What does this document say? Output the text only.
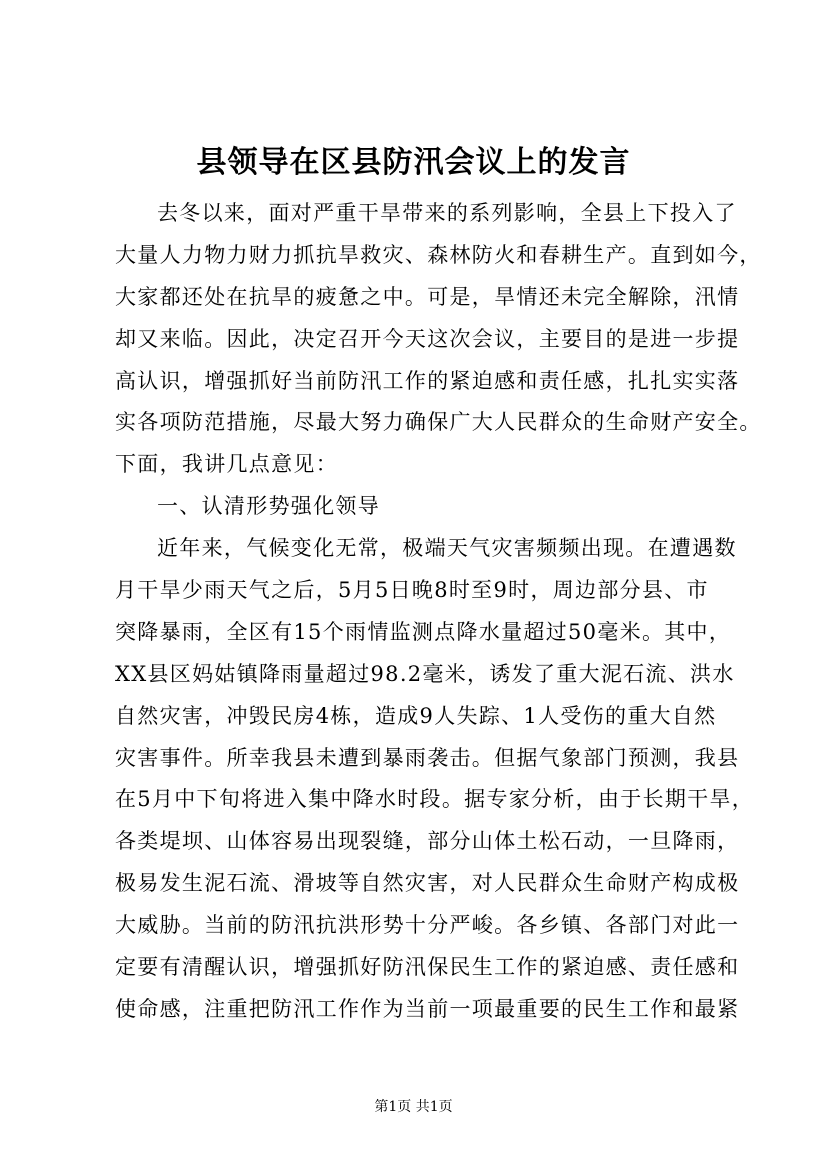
县领导在区县防汛会议上的发言
去冬以来，面对严重干旱带来的系列影响，全县上下投入了
大量人力物力财力抓抗旱救灾、森林防火和春耕生产。直到如今，
大家都还处在抗旱的疲惫之中。可是，旱情还未完全解除，汛情
却又来临。因此，决定召开今天这次会议，主要目的是进一步提
高认识，增强抓好当前防汛工作的紧迫感和责任感，扎扎实实落
实各项防范措施，尽最大努力确保广大人民群众的生命财产安全。
下面，我讲几点意见：
一、认清形势强化领导
近年来，气候变化无常，极端天气灾害频频出现。在遭遇数
月干旱少雨天气之后，5月5日晚8时至9时，周边部分县、市
突降暴雨，全区有15个雨情监测点降水量超过50毫米。其中，
XX县区妈姑镇降雨量超过98.2毫米，诱发了重大泥石流、洪水
自然灾害，冲毁民房4栋，造成9人失踪、1人受伤的重大自然
灾害事件。所幸我县未遭到暴雨袭击。但据气象部门预测，我县
在5月中下旬将进入集中降水时段。据专家分析，由于长期干旱，
各类堤坝、山体容易出现裂缝，部分山体土松石动，一旦降雨，
极易发生泥石流、滑坡等自然灾害，对人民群众生命财产构成极
大威胁。当前的防汛抗洪形势十分严峻。各乡镇、各部门对此一
定要有清醒认识，增强抓好防汛保民生工作的紧迫感、责任感和
使命感，注重把防汛工作作为当前一项最重要的民生工作和最紧
第1页 共1页
